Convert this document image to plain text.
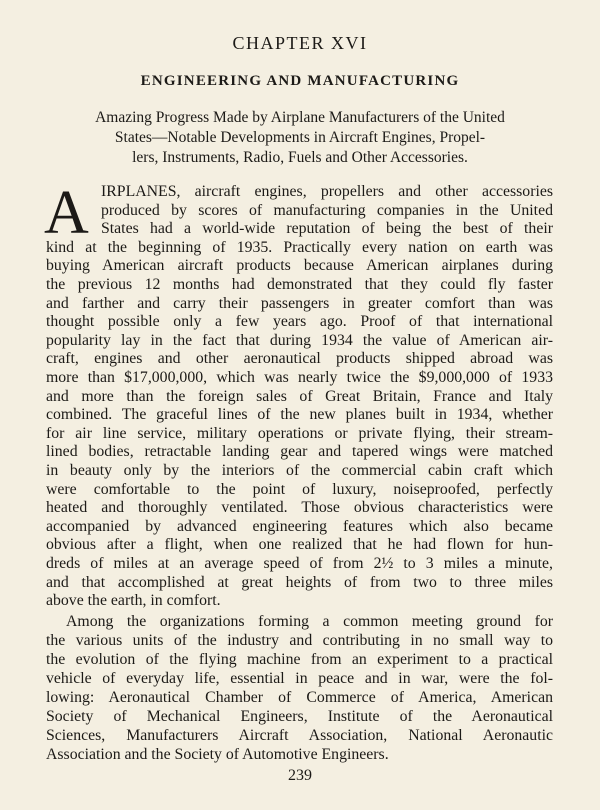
CHAPTER XVI
ENGINEERING AND MANUFACTURING
Amazing Progress Made by Airplane Manufacturers of the United
States—Notable Developments in Aircraft Engines, Propel-
lers, Instruments, Radio, Fuels and Other Accessories.
A IRPLANES, aircraft engines, propellers and other accessories
produced by scores of manufacturing companies in the United
States had a world-wide reputation of being the best of their
kind at the beginning of 1935. Practically every nation on earth was
buying American aircraft products because American airplanes during
the previous 12 months had demonstrated that they could fly faster
and farther and carry their passengers in greater comfort than was
thought possible only a few years ago. Proof of that international
popularity lay in the fact that during 1934 the value of American air-
craft, engines and other aeronautical products shipped abroad was
more than $17,000,000, which was nearly twice the $9,000,000 of 1933
and more than the foreign sales of Great Britain, France and Italy
combined. The graceful lines of the new planes built in 1934, whether
for air line service, military operations or private flying, their stream-
lined bodies, retractable landing gear and tapered wings were matched
in beauty only by the interiors of the commercial cabin craft which
were comfortable to the point of luxury, noiseproofed, perfectly
heated and thoroughly ventilated. Those obvious characteristics were
accompanied by advanced engineering features which also became
obvious after a flight, when one realized that he had flown for hun-
dreds of miles at an average speed of from 2½ to 3 miles a minute,
and that accomplished at great heights of from two to three miles
above the earth, in comfort.
239
Among the organizations forming a common meeting ground for
the various units of the industry and contributing in no small way to
the evolution of the flying machine from an experiment to a practical
vehicle of everyday life, essential in peace and in war, were the fol-
lowing: Aeronautical Chamber of Commerce of America, American
Society of Mechanical Engineers, Institute of the Aeronautical
Sciences, Manufacturers Aircraft Association, National Aeronautic
Association and the Society of Automotive Engineers.
